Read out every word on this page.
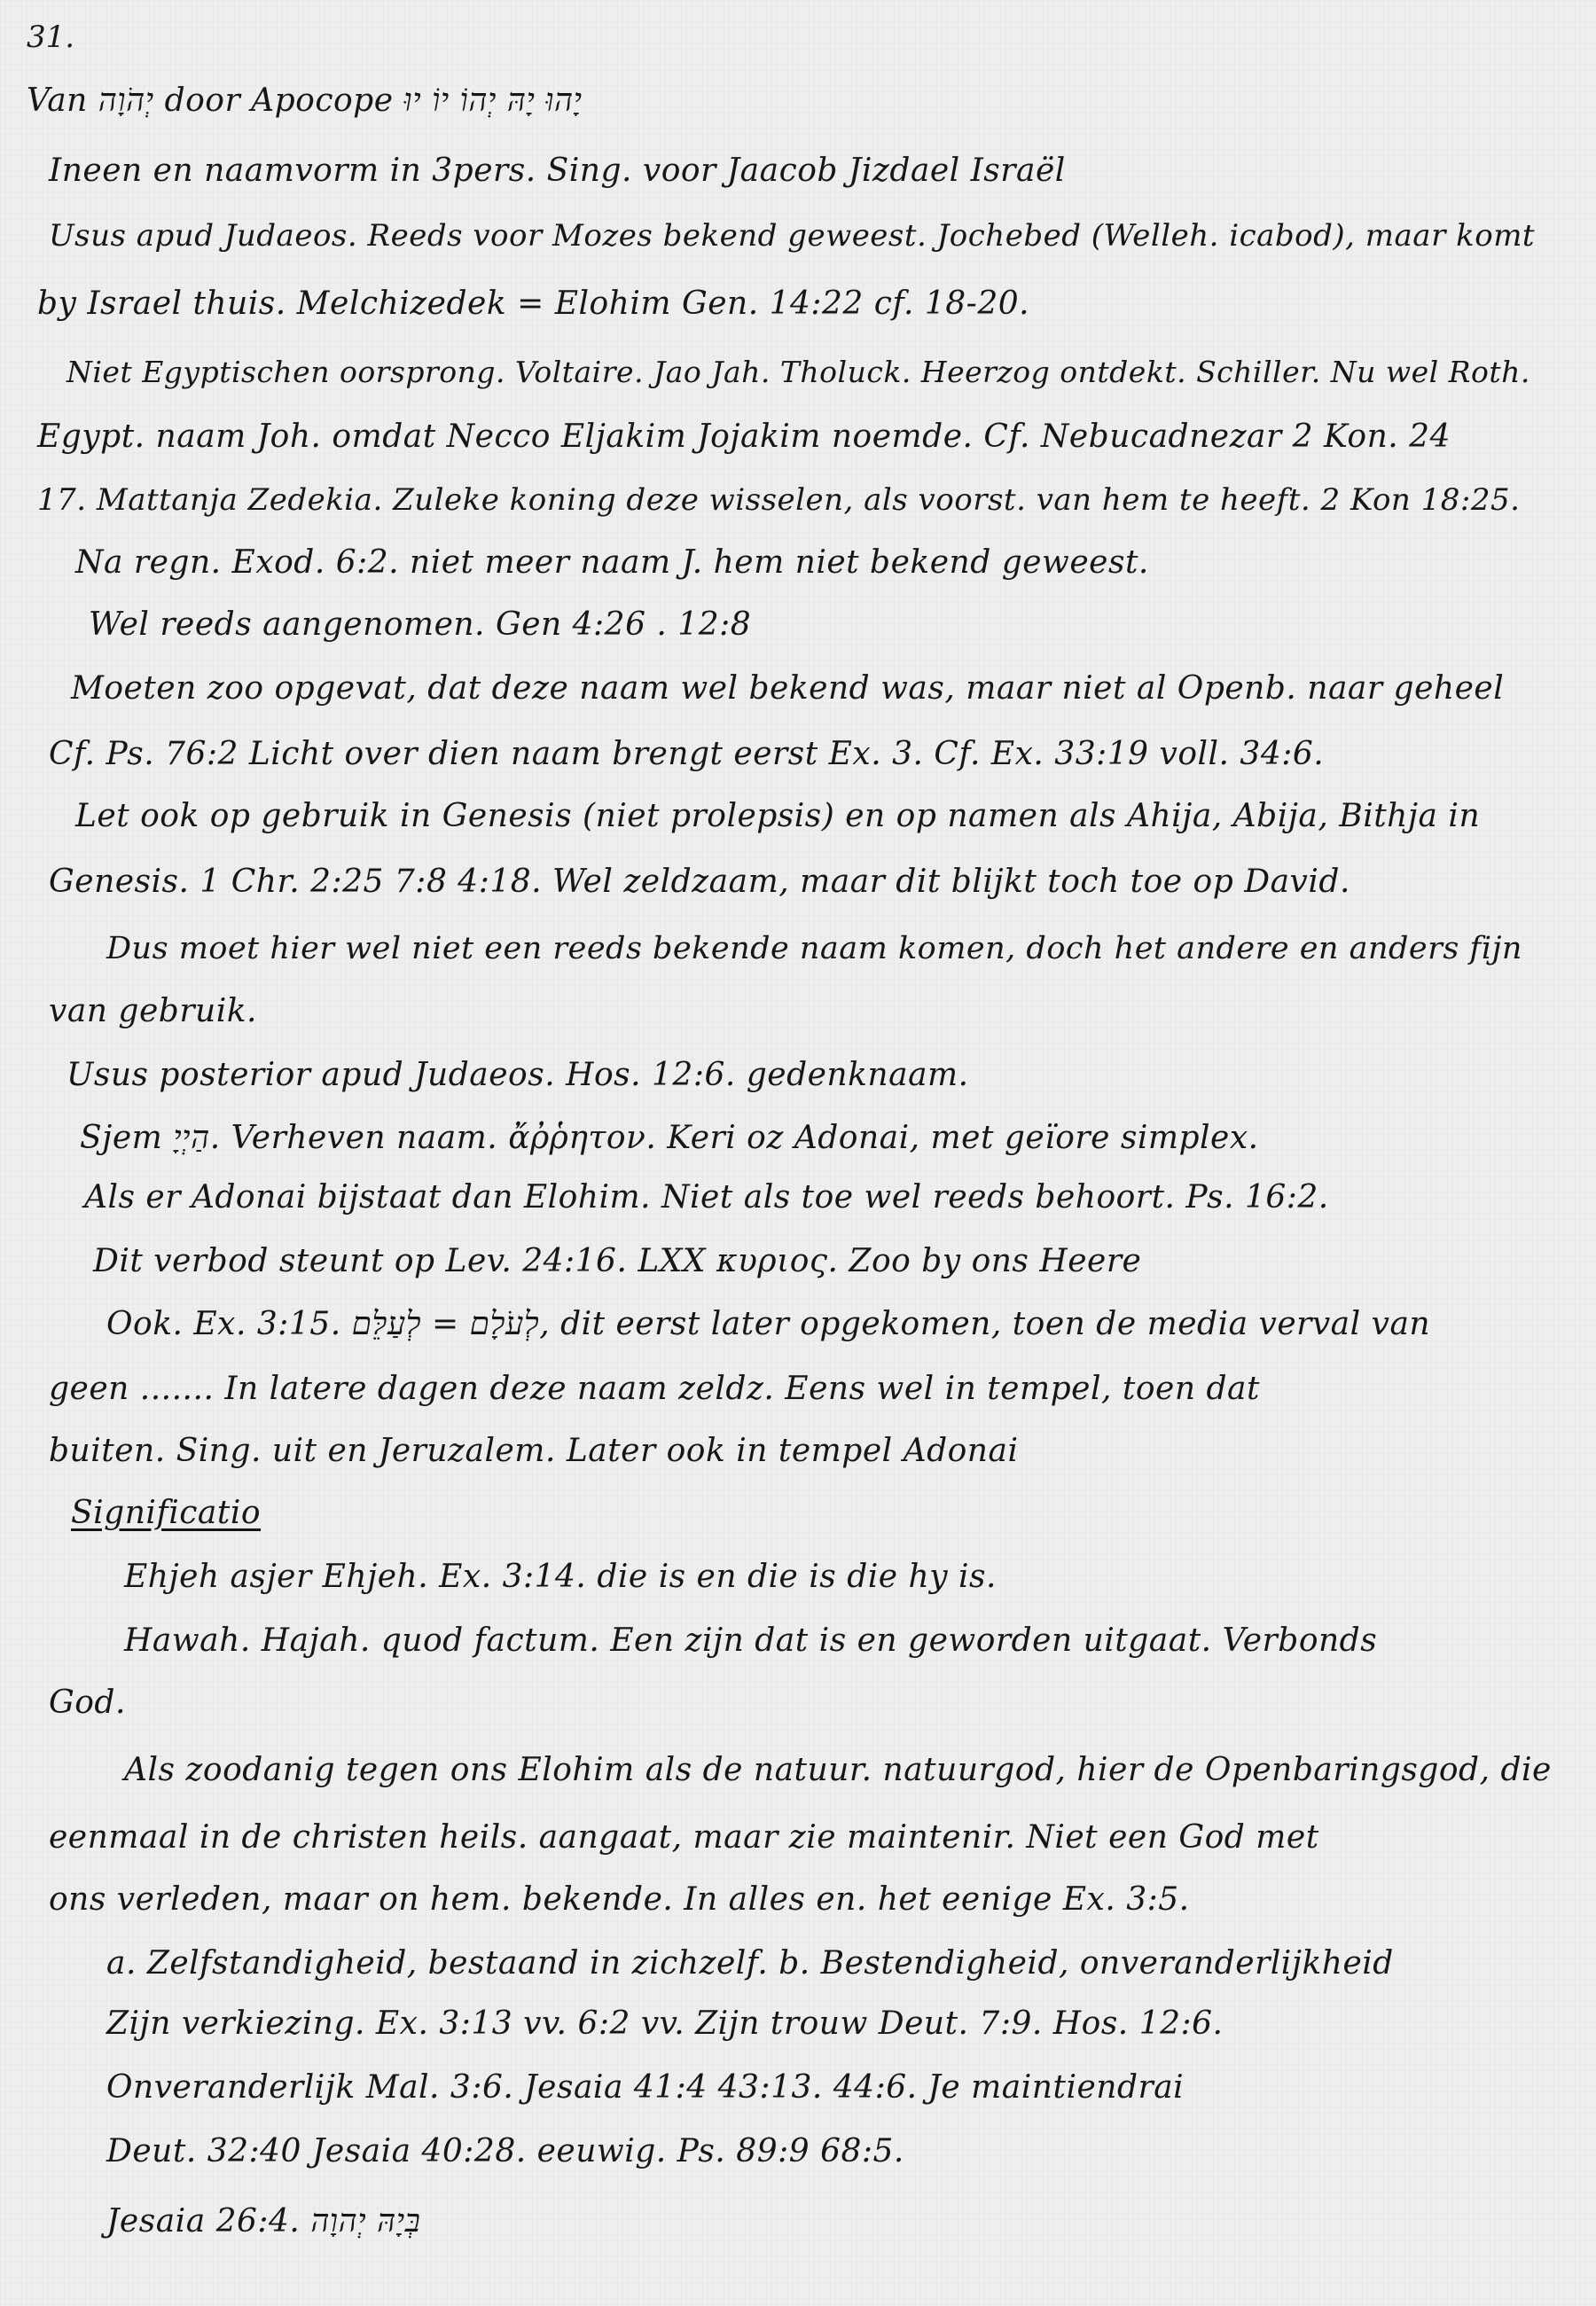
31.
Van יְהֹוָה door Apocope יָהוּ יָהּ יְהוֹ יוֹ יוּ
Ineen en naamvorm in 3pers. Sing. voor Jaacob Jizdael Israël
Usus apud Judaeos. Reeds voor Mozes bekend geweest. Jochebed (Welleh. icabod), maar komt
by Israel thuis. Melchizedek = Elohim Gen. 14:22 cf. 18-20.
Niet Egyptischen oorsprong. Voltaire. Jao Jah. Tholuck. Heerzog ontdekt. Schiller. Nu wel Roth.
Egypt. naam Joh. omdat Necco Eljakim Jojakim noemde. Cf. Nebucadnezar 2 Kon. 24
17. Mattanja Zedekia. Zuleke koning deze wisselen, als voorst. van hem te heeft. 2 Kon 18:25.
Na regn. Exod. 6:2. niet meer naam J. hem niet bekend geweest.
Wel reeds aangenomen. Gen 4:26 . 12:8
Moeten zoo opgevat, dat deze naam wel bekend was, maar niet al Openb. naar geheel
Cf. Ps. 76:2 Licht over dien naam brengt eerst Ex. 3. Cf. Ex. 33:19 voll. 34:6.
Let ook op gebruik in Genesis (niet prolepsis) en op namen als Ahija, Abija, Bithja in
Genesis. 1 Chr. 2:25 7:8 4:18. Wel zeldzaam, maar dit blijkt toch toe op David.
Dus moet hier wel niet een reeds bekende naam komen, doch het andere en anders fijn
van gebruik.
Usus posterior apud Judaeos. Hos. 12:6. gedenknaam.
Sjem הַיְיָ. Verheven naam. ἄῤῥητον. Keri oz Adonai, met geïore simplex.
Als er Adonai bijstaat dan Elohim. Niet als toe wel reeds behoort. Ps. 16:2.
Dit verbod steunt op Lev. 24:16. LXX κυριος. Zoo by ons Heere
Ook. Ex. 3:15. לְעֹלָם = לְעַלֵּם, dit eerst later opgekomen, toen de media verval van
geen ....... In latere dagen deze naam zeldz. Eens wel in tempel, toen dat
buiten. Sing. uit en Jeruzalem. Later ook in tempel Adonai
Significatio
Ehjeh asjer Ehjeh. Ex. 3:14. die is en die is die hy is.
Hawah. Hajah. quod factum. Een zijn dat is en geworden uitgaat. Verbonds
God.
Als zoodanig tegen ons Elohim als de natuur. natuurgod, hier de Openbaringsgod, die
eenmaal in de christen heils. aangaat, maar zie maintenir. Niet een God met
ons verleden, maar on hem. bekende. In alles en. het eenige Ex. 3:5.
a. Zelfstandigheid, bestaand in zichzelf. b. Bestendigheid, onveranderlijkheid
Zijn verkiezing. Ex. 3:13 vv. 6:2 vv. Zijn trouw Deut. 7:9. Hos. 12:6.
Onveranderlijk Mal. 3:6. Jesaia 41:4 43:13. 44:6. Je maintiendrai
Deut. 32:40 Jesaia 40:28. eeuwig. Ps. 89:9 68:5.
Jesaia 26:4. בְּיָהּ יְהוָה
